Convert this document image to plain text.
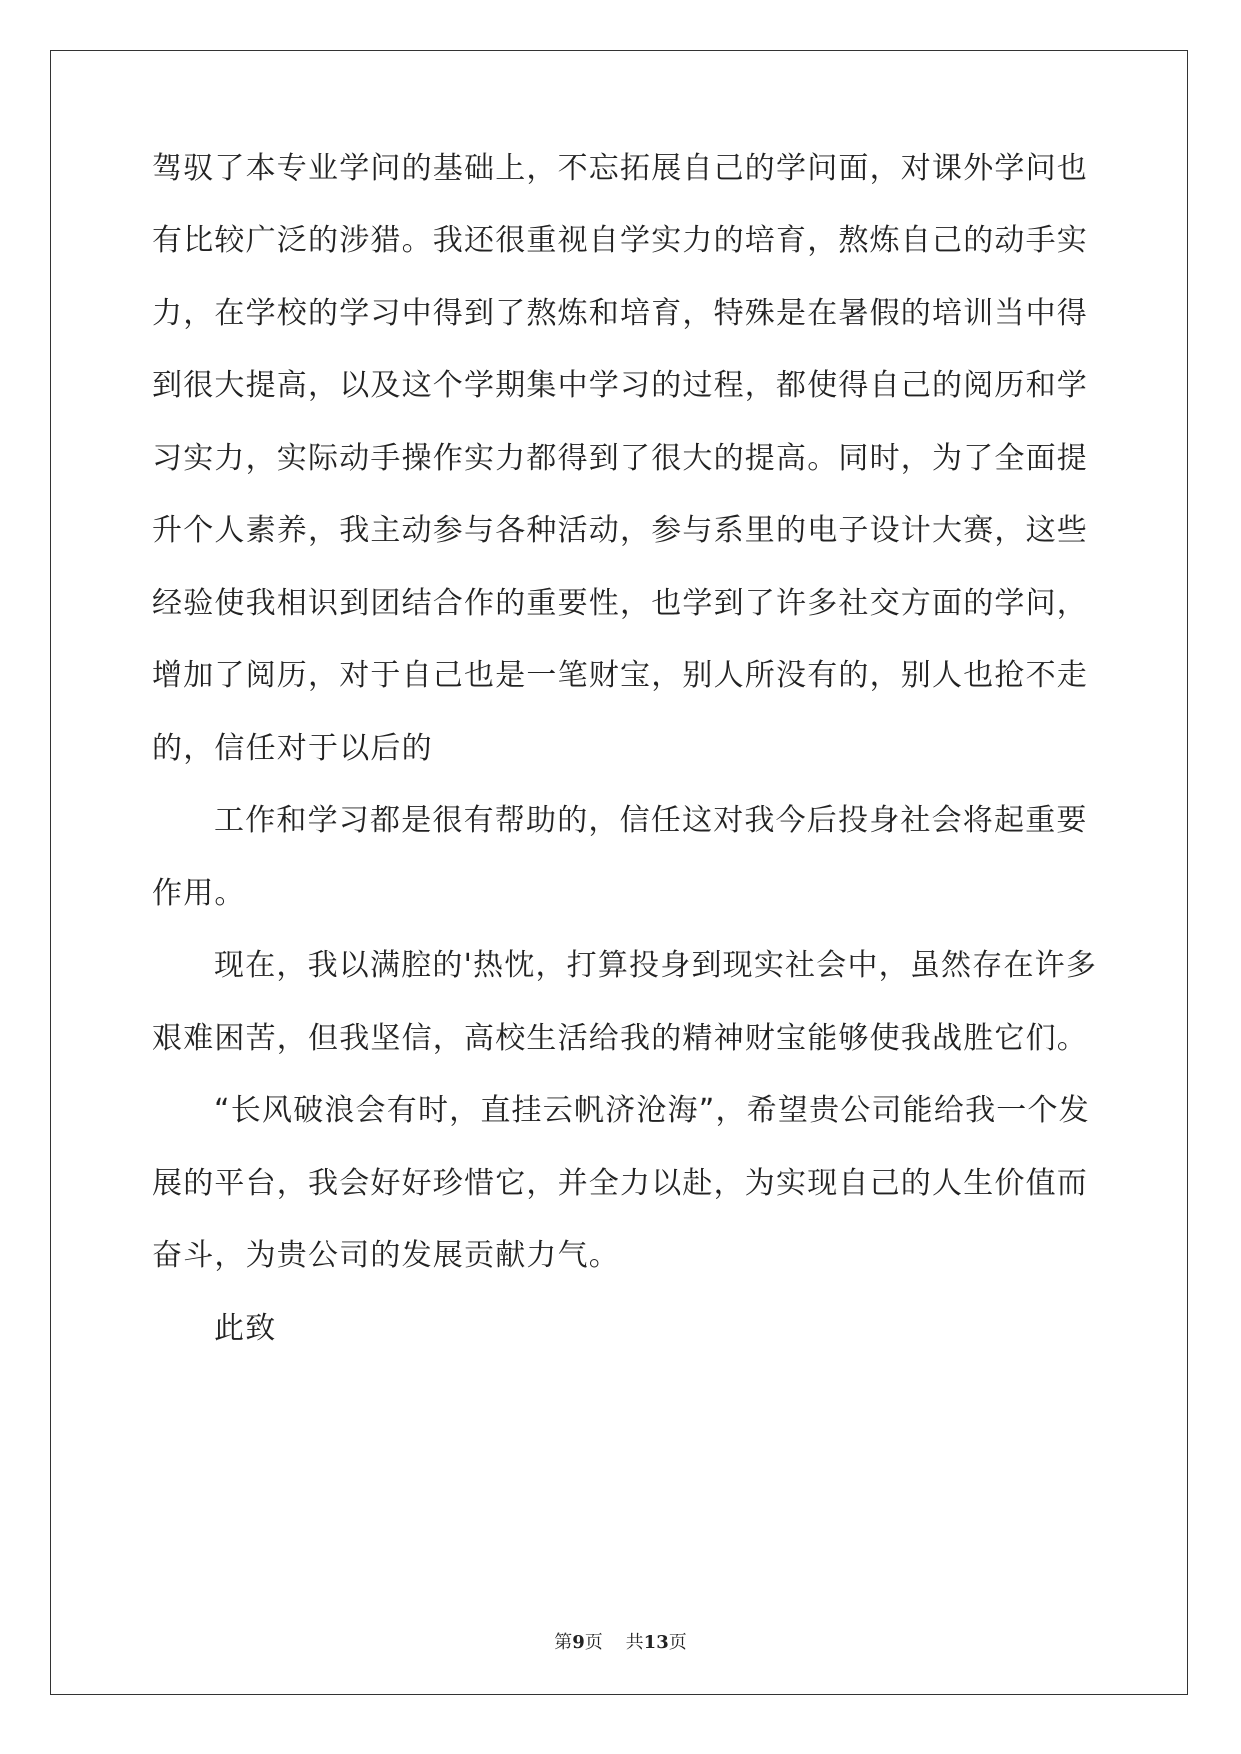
驾驭了本专业学问的基础上，不忘拓展自己的学问面，对课外学问也
有比较广泛的涉猎。我还很重视自学实力的培育，熬炼自己的动手实
力，在学校的学习中得到了熬炼和培育，特殊是在暑假的培训当中得
到很大提高，以及这个学期集中学习的过程，都使得自己的阅历和学
习实力，实际动手操作实力都得到了很大的提高。同时，为了全面提
升个人素养，我主动参与各种活动，参与系里的电子设计大赛，这些
经验使我相识到团结合作的重要性，也学到了许多社交方面的学问，
增加了阅历，对于自己也是一笔财宝，别人所没有的，别人也抢不走
的，信任对于以后的
工作和学习都是很有帮助的，信任这对我今后投身社会将起重要
作用。
现在，我以满腔的'热忱，打算投身到现实社会中，虽然存在许多
艰难困苦，但我坚信，高校生活给我的精神财宝能够使我战胜它们。
“长风破浪会有时，直挂云帆济沧海”，希望贵公司能给我一个发
展的平台，我会好好珍惜它，并全力以赴，为实现自己的人生价值而
奋斗，为贵公司的发展贡献力气。
此致
第9页 共13页
